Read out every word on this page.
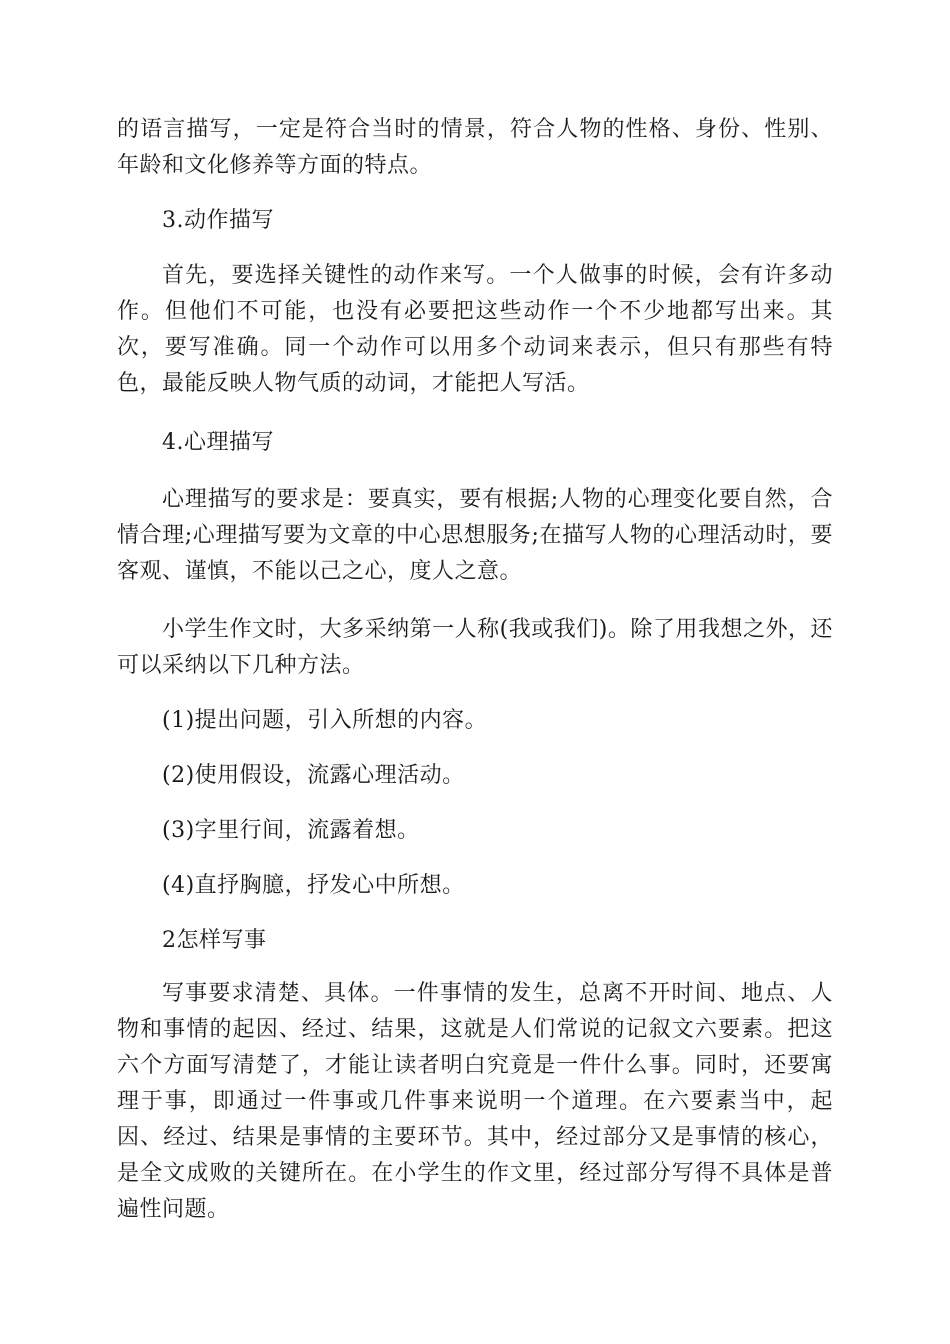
的语言描写，一定是符合当时的情景，符合人物的性格、身份、性别、年龄和文化修养等方面的特点。

3.动作描写

首先，要选择关键性的动作来写。一个人做事的时候，会有许多动作。但他们不可能，也没有必要把这些动作一个不少地都写出来。其次，要写准确。同一个动作可以用多个动词来表示，但只有那些有特色，最能反映人物气质的动词，才能把人写活。

4.心理描写

心理描写的要求是：要真实，要有根据;人物的心理变化要自然，合情合理;心理描写要为文章的中心思想服务;在描写人物的心理活动时，要客观、谨慎，不能以己之心，度人之意。

小学生作文时，大多采纳第一人称(我或我们)。除了用我想之外，还可以采纳以下几种方法。

(1)提出问题，引入所想的内容。

(2)使用假设，流露心理活动。

(3)字里行间，流露着想。

(4)直抒胸臆，抒发心中所想。

2怎样写事

写事要求清楚、具体。一件事情的发生，总离不开时间、地点、人物和事情的起因、经过、结果，这就是人们常说的记叙文六要素。把这六个方面写清楚了，才能让读者明白究竟是一件什么事。同时，还要寓理于事，即通过一件事或几件事来说明一个道理。在六要素当中，起因、经过、结果是事情的主要环节。其中，经过部分又是事情的核心，是全文成败的关键所在。在小学生的作文里，经过部分写得不具体是普遍性问题。
